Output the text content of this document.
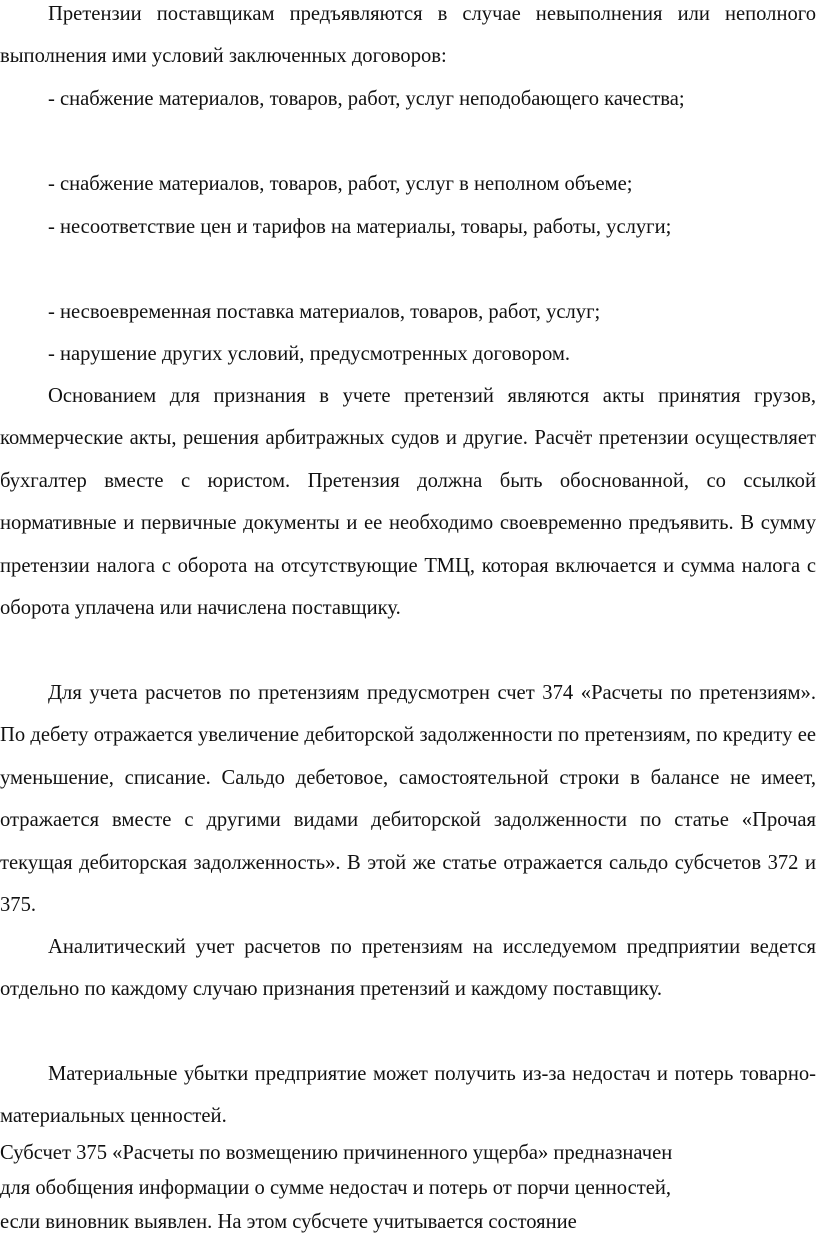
Претензии поставщикам предъявляются в случае невыполнения или неполного выполнения ими условий заключенных договоров:

- снабжение материалов, товаров, работ, услуг неподобающего качества;

- снабжение материалов, товаров, работ, услуг в неполном объеме;

- несоответствие цен и тарифов на материалы, товары, работы, услуги;

- несвоевременная поставка материалов, товаров, работ, услуг;

- нарушение других условий, предусмотренных договором.

Основанием для признания в учете претензий являются акты принятия грузов, коммерческие акты, решения арбитражных судов и другие. Расчёт претензии осуществляет бухгалтер вместе с юристом. Претензия должна быть обоснованной, со ссылкой нормативные и первичные документы и ее необходимо своевременно предъявить. В сумму претензии налога с оборота на отсутствующие ТМЦ, которая включается и сумма налога с оборота уплачена или начислена поставщику.

Для учета расчетов по претензиям предусмотрен счет 374 «Расчеты по претензиям». По дебету отражается увеличение дебиторской задолженности по претензиям, по кредиту ее уменьшение, списание. Сальдо дебетовое, самостоятельной строки в балансе не имеет, отражается вместе с другими видами дебиторской задолженности по статье «Прочая текущая дебиторская задолженность». В этой же статье отражается сальдо субсчетов 372 и 375.

Аналитический учет расчетов по претензиям на исследуемом предприятии ведется отдельно по каждому случаю признания претензий и каждому поставщику.

Материальные убытки предприятие может получить из-за недостач и потерь товарно-материальных ценностей.

Субсчет 375 «Расчеты по возмещению причиненного ущерба» предназначен
для обобщения информации о сумме недостач и потерь от порчи ценностей,
если виновник выявлен. На этом субсчете учитывается состояние
